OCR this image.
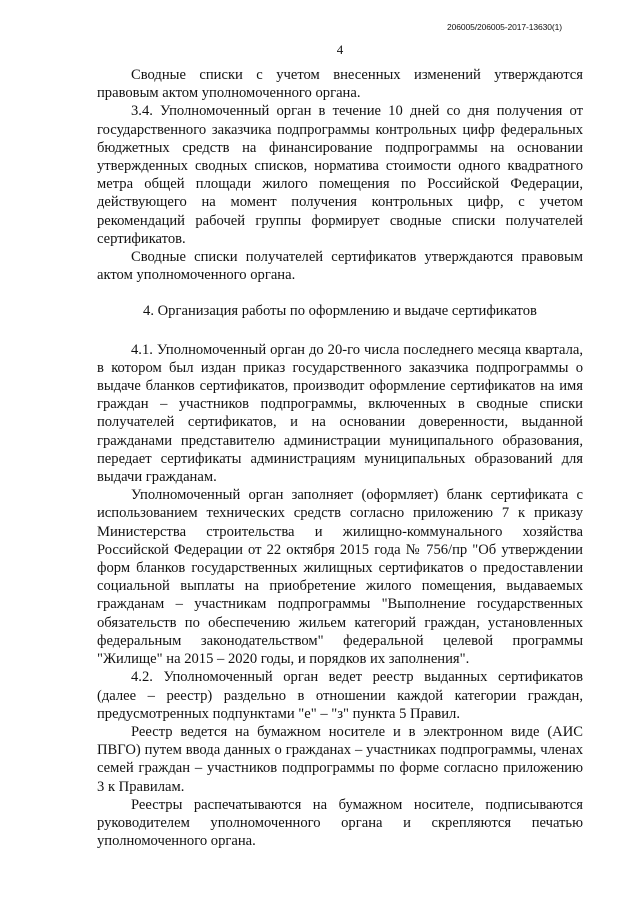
206005/206005-2017-13630(1)
4

Сводные списки с учетом внесенных изменений утверждаются правовым актом уполномоченного органа.

3.4. Уполномоченный орган в течение 10 дней со дня получения от государственного заказчика подпрограммы контрольных цифр федеральных бюджетных средств на финансирование подпрограммы на основании утвержденных сводных списков, норматива стоимости одного квадратного метра общей площади жилого помещения по Российской Федерации, действующего на момент получения контрольных цифр, с учетом рекомендаций рабочей группы формирует сводные списки получателей сертификатов.

Сводные списки получателей сертификатов утверждаются правовым актом уполномоченного органа.

4. Организация работы по оформлению и выдаче сертификатов

4.1. Уполномоченный орган до 20-го числа последнего месяца квартала, в котором был издан приказ государственного заказчика подпрограммы о выдаче бланков сертификатов, производит оформление сертификатов на имя граждан – участников подпрограммы, включенных в сводные списки получателей сертификатов, и на основании доверенности, выданной гражданами представителю администрации муниципального образования, передает сертификаты администрациям муниципальных образований для выдачи гражданам.

Уполномоченный орган заполняет (оформляет) бланк сертификата с использованием технических средств согласно приложению 7 к приказу Министерства строительства и жилищно-коммунального хозяйства Российской Федерации от 22 октября 2015 года № 756/пр "Об утверждении форм бланков государственных жилищных сертификатов о предоставлении социальной выплаты на приобретение жилого помещения, выдаваемых гражданам – участникам подпрограммы "Выполнение государственных обязательств по обеспечению жильем категорий граждан, установленных федеральным законодательством" федеральной целевой программы "Жилище" на 2015 – 2020 годы, и порядков их заполнения".

4.2. Уполномоченный орган ведет реестр выданных сертификатов (далее – реестр) раздельно в отношении каждой категории граждан, предусмотренных подпунктами "е" – "з" пункта 5 Правил.

Реестр ведется на бумажном носителе и в электронном виде (АИС ПВГО) путем ввода данных о гражданах – участниках подпрограммы, членах семей граждан – участников подпрограммы по форме согласно приложению 3 к Правилам.

Реестры распечатываются на бумажном носителе, подписываются руководителем уполномоченного органа и скрепляются печатью уполномоченного органа.
